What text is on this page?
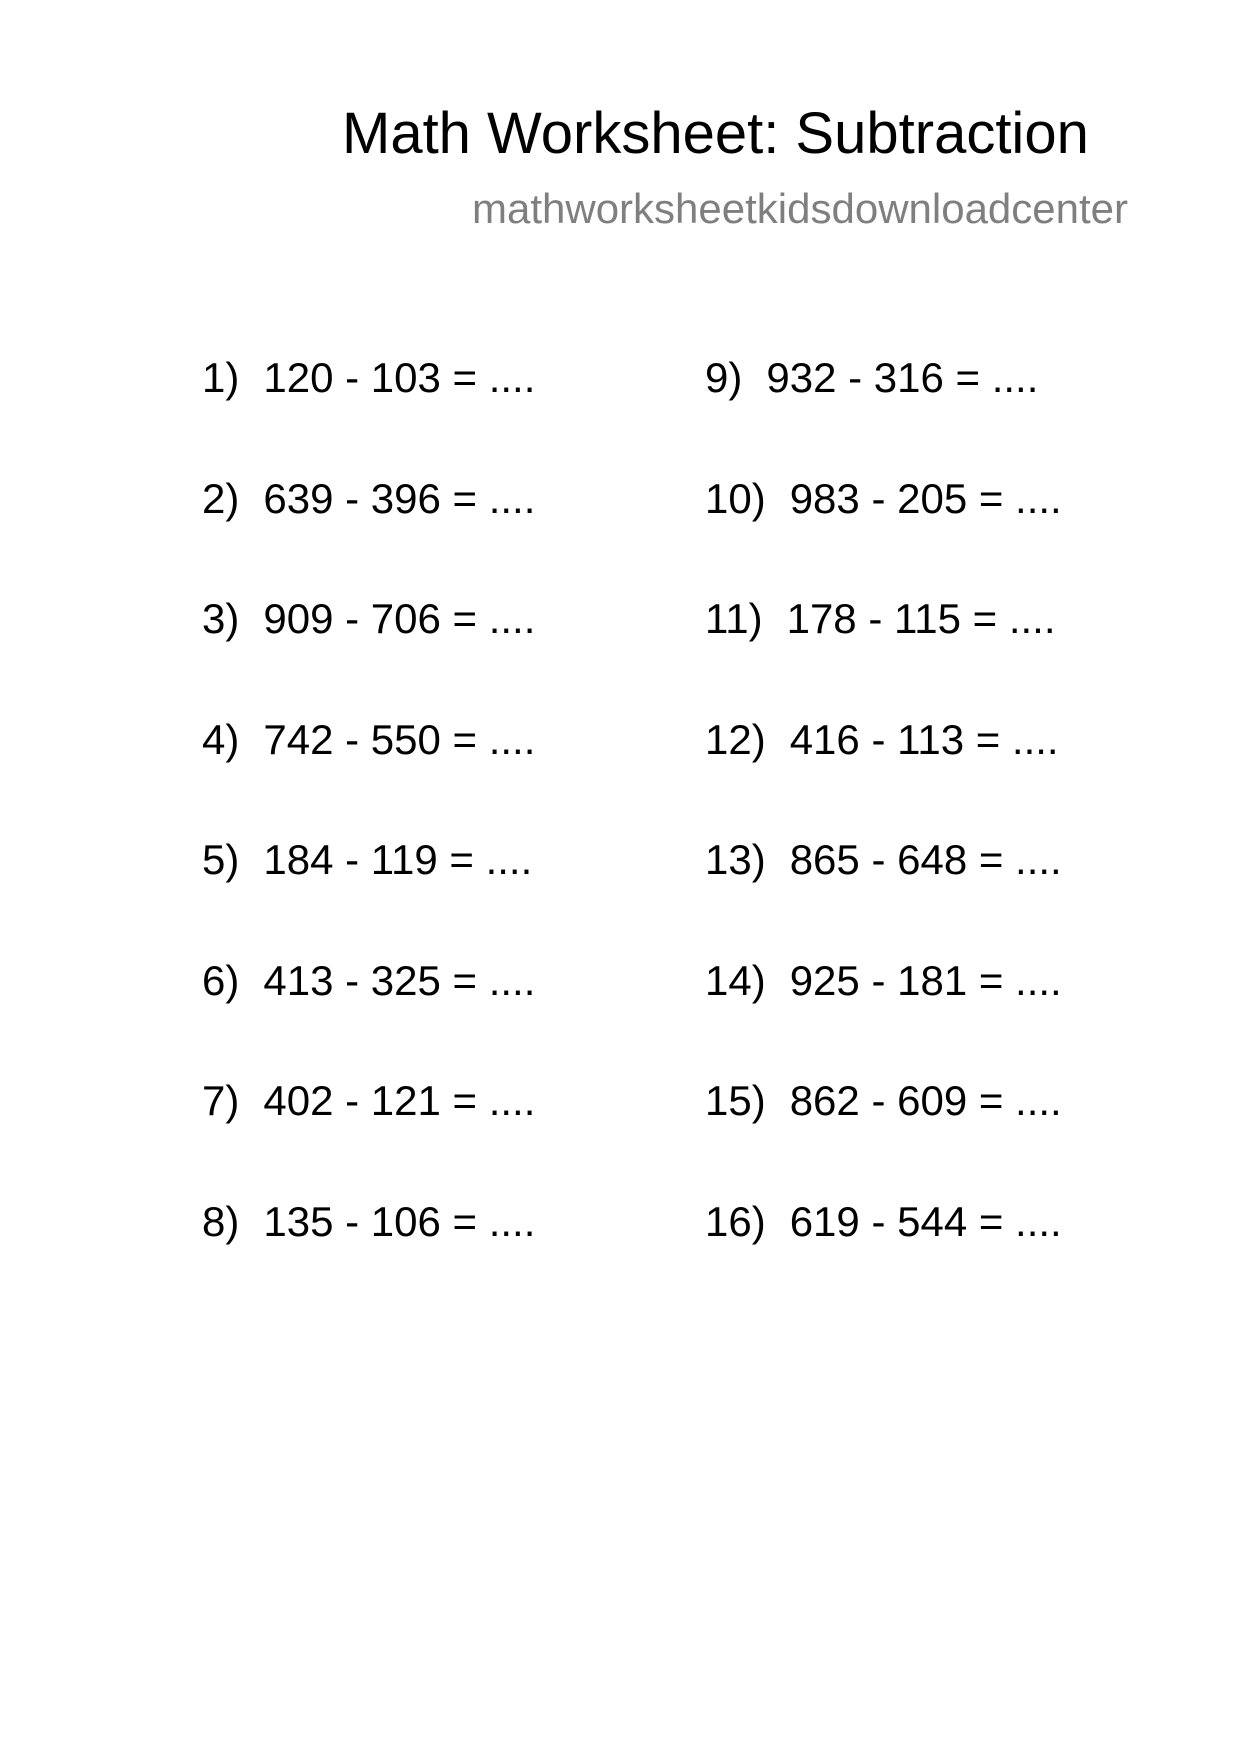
Math Worksheet: Subtraction
mathworksheetkidsdownloadcenter
1) 120 - 103 = ....
2) 639 - 396 = ....
3) 909 - 706 = ....
4) 742 - 550 = ....
5) 184 - 119 = ....
6) 413 - 325 = ....
7) 402 - 121 = ....
8) 135 - 106 = ....
9) 932 - 316 = ....
10) 983 - 205 = ....
11) 178 - 115 = ....
12) 416 - 113 = ....
13) 865 - 648 = ....
14) 925 - 181 = ....
15) 862 - 609 = ....
16) 619 - 544 = ....
